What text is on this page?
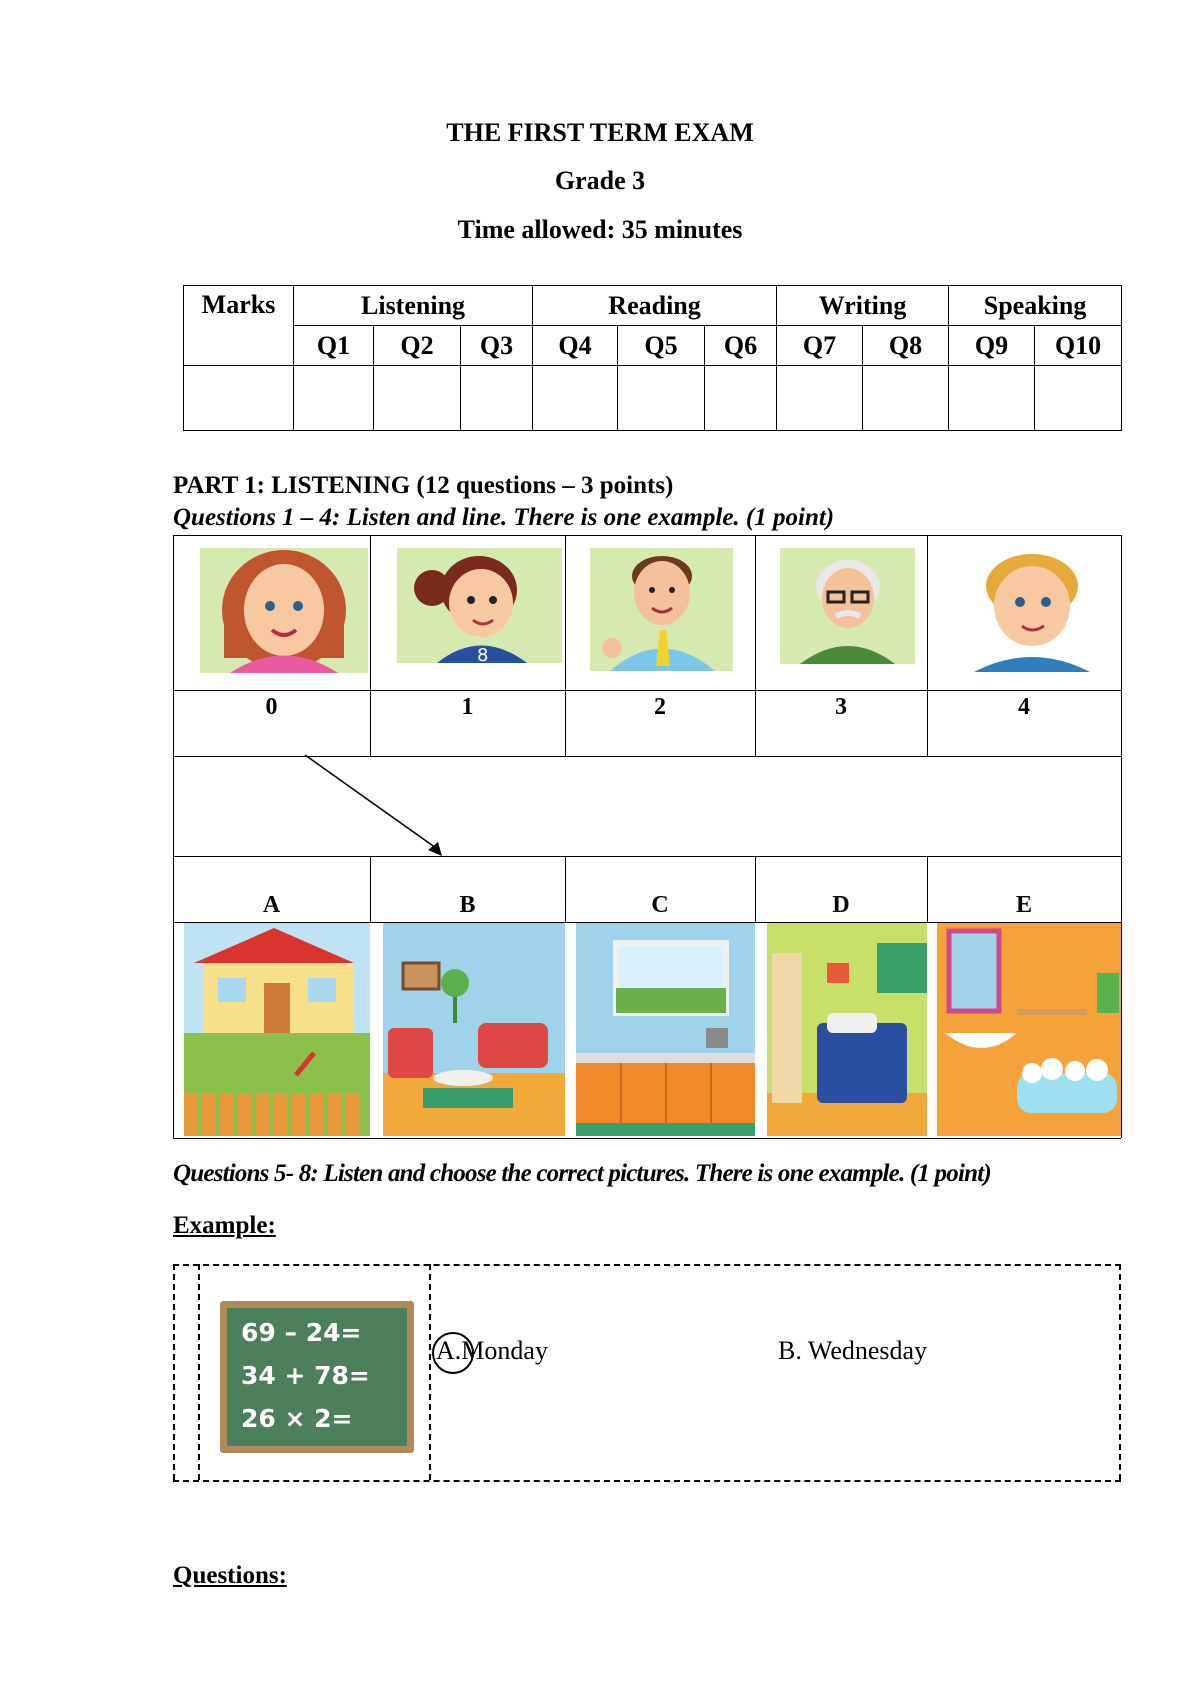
THE FIRST TERM EXAM
Grade 3
Time allowed: 35 minutes
Marks	Listening			Reading			Writing		Speaking	
	Q1	Q2	Q3	Q4	Q5	Q6	Q7	Q8	Q9	Q10

PART 1: LISTENING (12 questions – 3 points)
Questions 1 – 4: Listen and line. There is one example. (1 point)
8
0	1	2	3	4
A	B	C	D	E
Questions 5- 8: Listen and choose the correct pictures. There is one example. (1 point)
Example:
69 – 24=
34 + 78=
26 × 2=
A.Monday	B. Wednesday
Questions:
